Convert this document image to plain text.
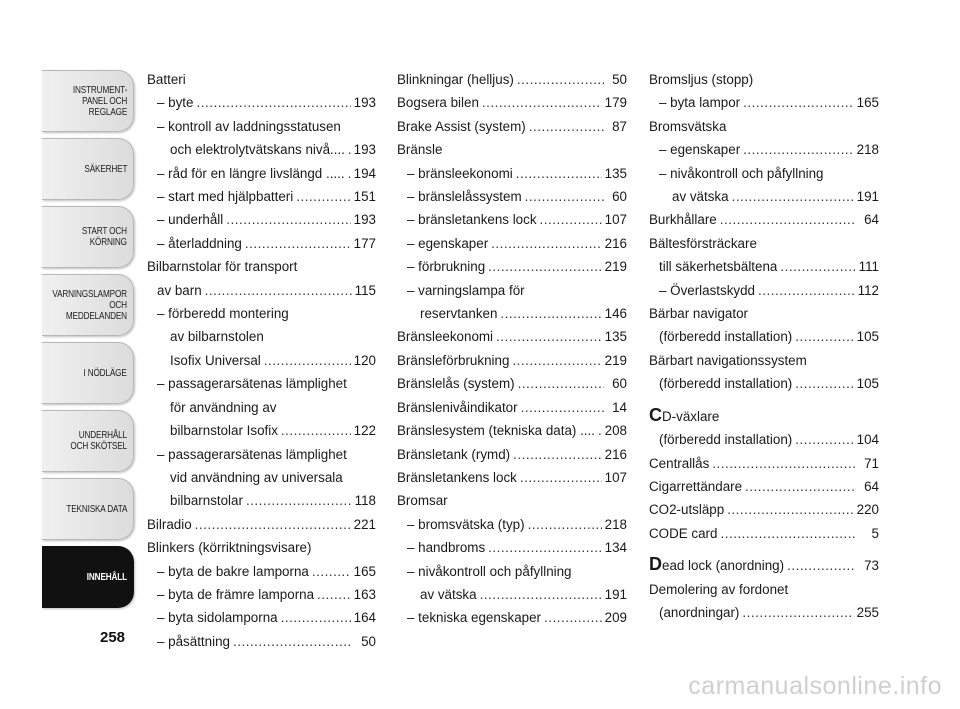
INSTRUMENT-
PANEL OCH
REGLAGE
SÄKERHET
START OCH
KÖRNING
VARNINGSLAMPOR
OCH
MEDDELANDEN
I NÖDLÄGE
UNDERHÅLL
OCH SKÖTSEL
TEKNISKA DATA
INNEHÅLL
258
Batteri
– byte . . .	193
– kontroll av laddningsstatusen
och elektrolytvätskans nivå.... . . . 193
– råd för en längre livslängd ..... . . . 194
– start med hjälpbatteri . . .	151
– underhåll . . .	193
– återladdning . . .	177
Bilbarnstolar för transport
av barn . . .	115
– förberedd montering
av bilbarnstolen
Isofix Universal . . .	120
– passagerarsätenas lämplighet
för användning av
bilbarnstolar Isofix . . .	122
– passagerarsätenas lämplighet
vid användning av universala
bilbarnstolar . . .	118
Bilradio . . .	221
Blinkers (körriktningsvisare)
– byta de bakre lamporna . . .	165
– byta de främre lamporna . . .	163
– byta sidolamporna . . .	164
– påsättning . . .	50
Blinkningar (helljus) . . .	50
Bogsera bilen . . .	179
Brake Assist (system) . . .	87
Bränsle
– bränsleekonomi . . .	135
– bränslelåssystem . . .	60
– bränsletankens lock . . .	107
– egenskaper . . .	216
– förbrukning . . .	219
– varningslampa för
reservtanken . . .	146
Bränsleekonomi . . .	135
Bränsleförbrukning . . .	219
Bränslelås (system) . . .	60
Bränslenivåindikator . . .	14
Bränslesystem (tekniska data) .... . . . 208
Bränsletank (rymd) . . .	216
Bränsletankens lock . . .	107
Bromsar
– bromsvätska (typ) . . .	218
– handbroms . . .	134
– nivåkontroll och påfyllning
av vätska . . .	191
– tekniska egenskaper . . .	209
Bromsljus (stopp)
– byta lampor . . .	165
Bromsvätska
– egenskaper . . .	218
– nivåkontroll och påfyllning
av vätska . . .	191
Burkhållare . . .	64
Bältesförsträckare
till säkerhetsbältena . . .	111
– Överlastskydd . . .	112
Bärbar navigator
(förberedd installation) . . .	105
Bärbart navigationssystem
(förberedd installation) . . .	105
CD-växlare
(förberedd installation) . . .	104
Centrallås . . .	71
Cigarrettändare . . .	64
CO2-utsläpp . . .	220
CODE card . . .	5
Dead lock (anordning) . . .	73
Demolering av fordonet
(anordningar) . . .	255
carmanualsonline.info
